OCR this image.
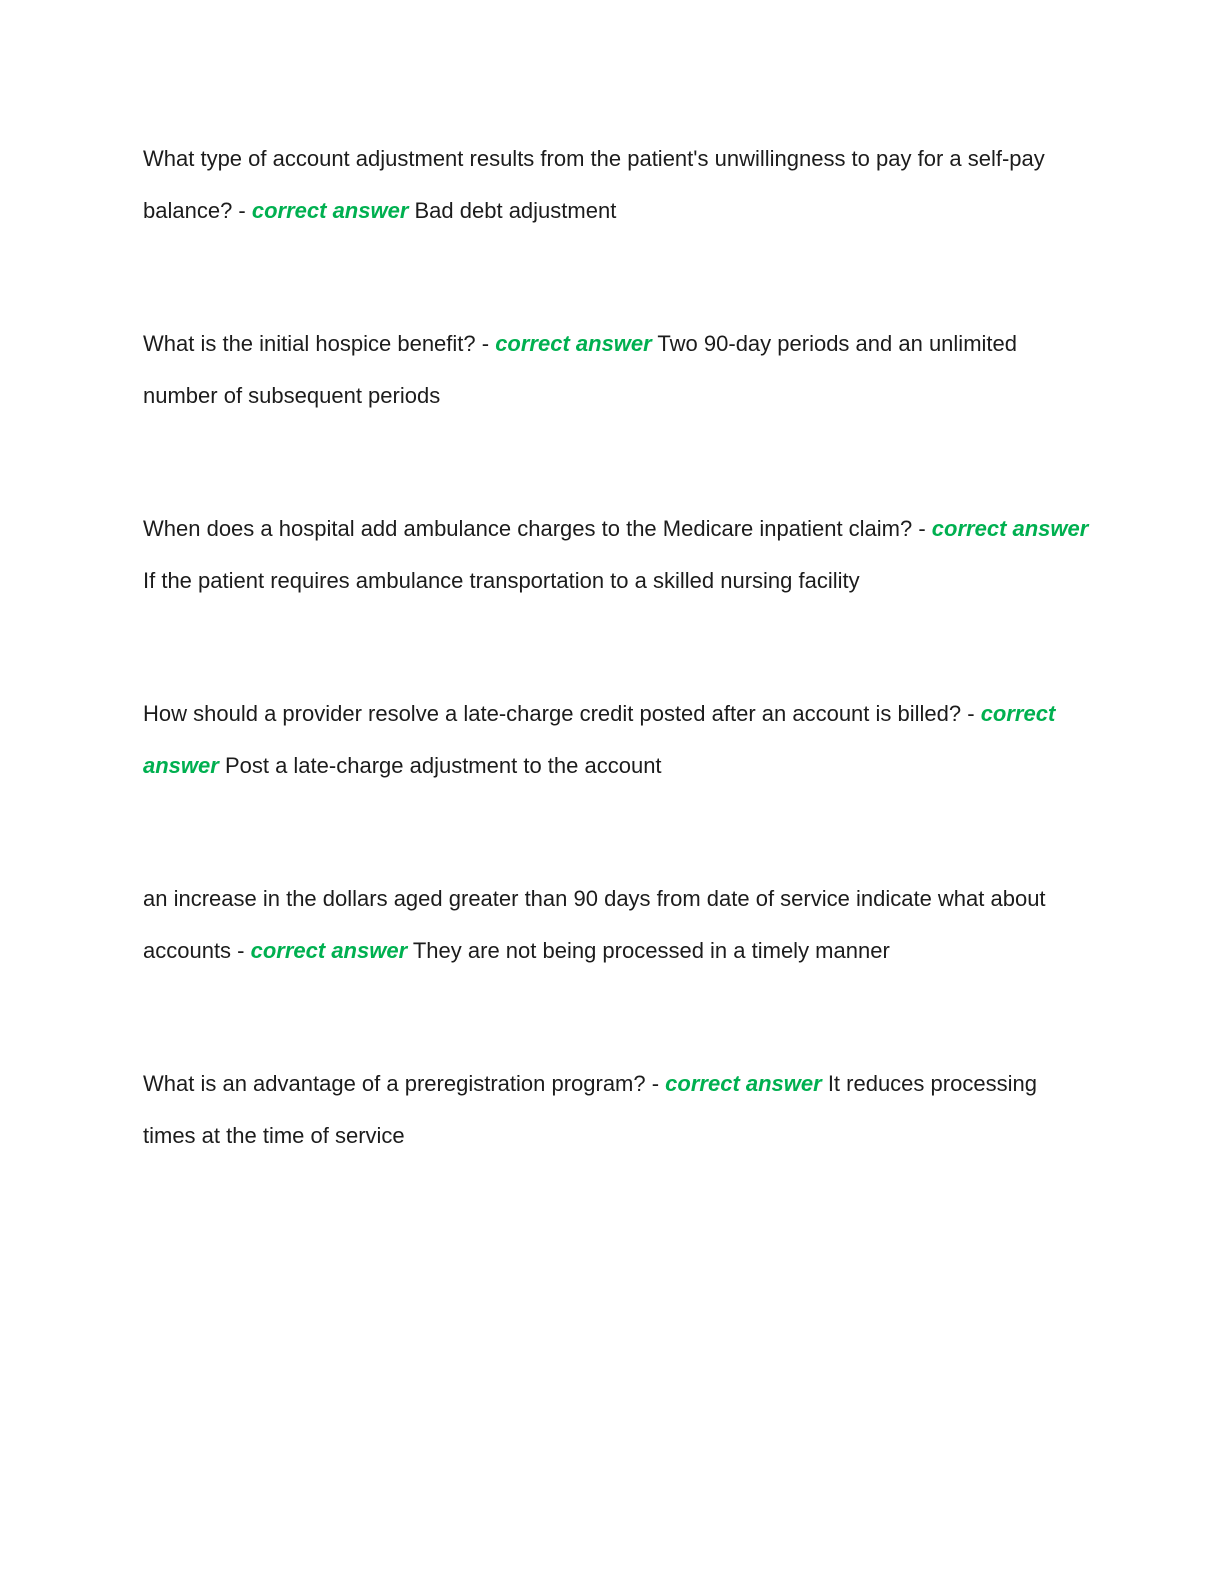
What type of account adjustment results from the patient's unwillingness to pay for a self-pay balance? - correct answer Bad debt adjustment

What is the initial hospice benefit? - correct answer Two 90-day periods and an unlimited number of subsequent periods

When does a hospital add ambulance charges to the Medicare inpatient claim? - correct answer If the patient requires ambulance transportation to a skilled nursing facility

How should a provider resolve a late-charge credit posted after an account is billed? - correct answer Post a late-charge adjustment to the account

an increase in the dollars aged greater than 90 days from date of service indicate what about accounts - correct answer They are not being processed in a timely manner

What is an advantage of a preregistration program? - correct answer It reduces processing times at the time of service
